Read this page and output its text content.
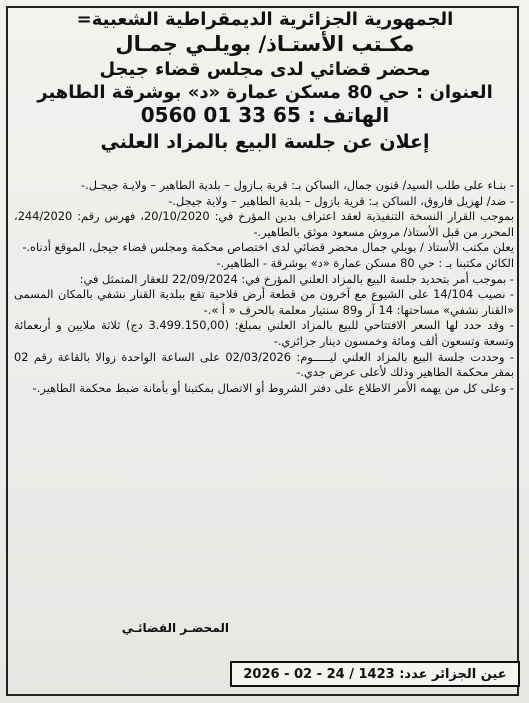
الجمهورية الجزائرية الديمقراطية الشعبية=
مكـتب الأستـاذ/ بويلـي جمـال
محضر قضائي لدى مجلس قضاء جيجل
العنوان : حي 80 مسكن عمارة «د» بوشرقة الطاهير
الهاتف : 65 33 01 0560
إعلان عن جلسة البيع بالمزاد العلني

- بنـاء على طلب السيد/ قنون جمال، الساكن بـ: قرية بـازول – بلدية الطاهير – ولايـة جيجـل.-

- ضد/ لهزيل فاروق، الساكن بـ: قرية بازول – بلدية الطاهير – ولاية جيجل.-

بموجب القرار النسخة التنفيذية لعقد اعتراف بدين المؤرخ في: 20/10/2020، فهرس رقم: 244/2020، المحرر من قبل الأستاذ/ مروش مسعود موثق بالطاهير.-

يعلن مكتب الأستاذ / بويلي جمال محضر قضائي لدى اختصاص محكمة ومجلس قضاء جيجل، الموقع أدناه.-

الكائن مكتبنا بـ : حي 80 مسكن عمارة «د» بوشرقة - الطاهير.-

- بموجب أمر بتحديد جلسة البيع بالمزاد العلني المؤرخ في: 22/09/2024 للعقار المتمثل في:

- نصيب 14/104 على الشيوع مع آخرون من قطعة أرض فلاحية تقع ببلدية القنار نشفي بالمكان المسمى «القنار نشفي» مساحتها: 14 آر و89 سنتيار معلمة بالحرف « أ ».-

- وقد حدد لها السعر الافتتاحي للبيع بالمزاد العلني بمبلغ: (3.499.150,00 دج) ثلاثة ملايين و أربعمائة وتسعة وتسعون ألف ومائة وخمسون دينار جزائري.-

- وحددت جلسة البيع بالمزاد العلني ليـــــوم: 02/03/2026 على الساعة الواحدة زوالا بالقاعة رقم 02 بمقر محكمة الطاهير وذلك لأعلى عرض جدي.-

- وعلى كل من يهمه الأمر الاطلاع على دفتر الشروط أو الاتصال بمكتبنا أو بأمانة ضبط محكمة الطاهير.-

المحضـر القضائـي
عين الجزائر عدد: 1423 / 24 - 02 - 2026
